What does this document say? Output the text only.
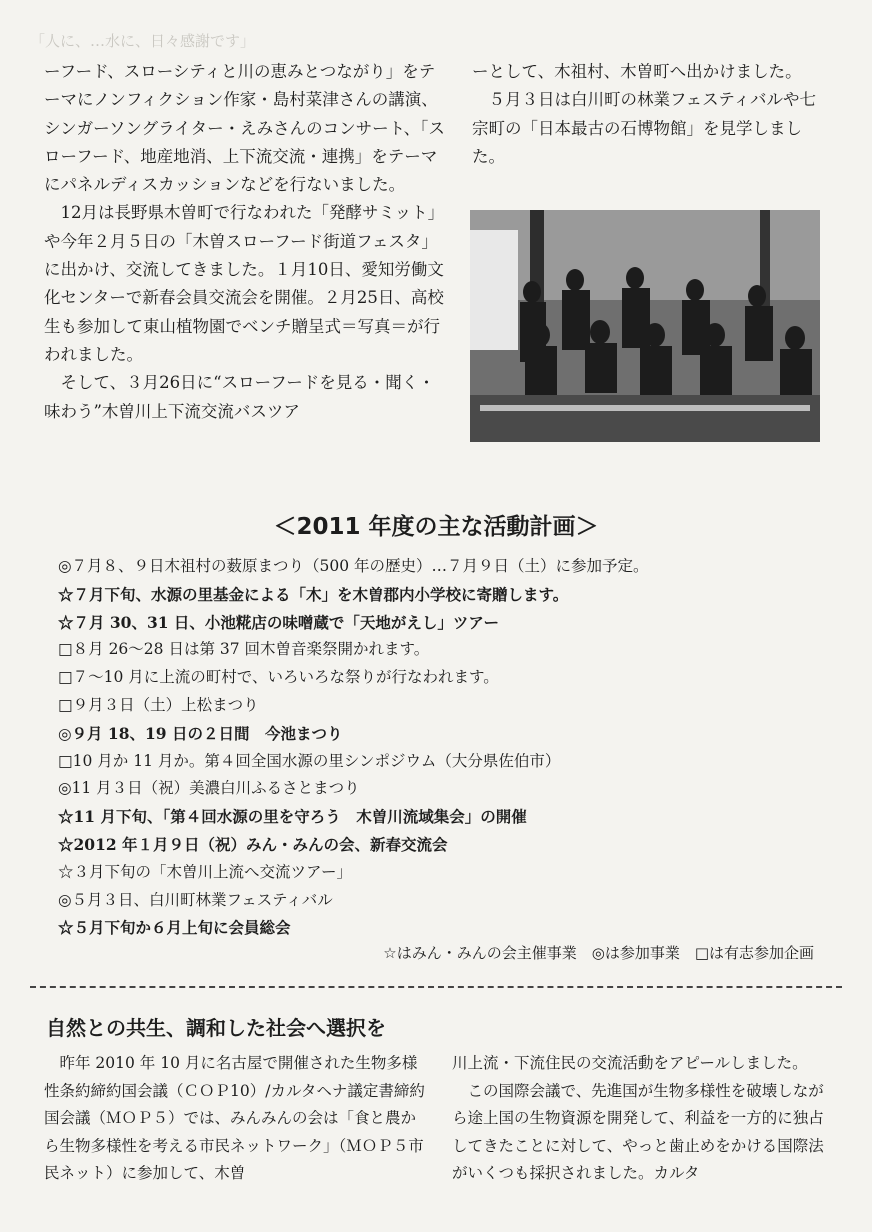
「人に、…水に、日々感謝です」

ーフード、スローシティと川の恵みとつながり」をテーマにノンフィクション作家・島村菜津さんの講演、シンガーソングライター・えみさんのコンサート、「スローフード、地産地消、上下流交流・連携」をテーマにパネルディスカッションなどを行ないました。

12月は長野県木曽町で行なわれた「発酵サミット」や今年２月５日の「木曽スローフード街道フェスタ」に出かけ、交流してきました。１月10日、愛知労働文化センターで新春会員交流会を開催。２月25日、高校生も参加して東山植物園でベンチ贈呈式＝写真＝が行われました。

そして、３月26日に“スローフードを見る・聞く・味わう”木曽川上下流交流バスツア

ーとして、木祖村、木曽町へ出かけました。

５月３日は白川町の林業フェスティバルや七宗町の「日本最古の石博物館」を見学しました。

＜2011 年度の主な活動計画＞
◎７月８、９日木祖村の薮原まつり（500 年の歴史）…７月９日（土）に参加予定。
☆７月下旬、水源の里基金による「木」を木曽郡内小学校に寄贈します。
☆７月 30、31 日、小池糀店の味噌蔵で「天地がえし」ツアー
□８月 26〜28 日は第 37 回木曽音楽祭開かれます。
□７〜10 月に上流の町村で、いろいろな祭りが行なわれます。
□９月３日（土）上松まつり
◎９月 18、19 日の２日間　今池まつり
□10 月か 11 月か。第４回全国水源の里シンポジウム（大分県佐伯市）
◎11 月３日（祝）美濃白川ふるさとまつり
☆11 月下旬、「第４回水源の里を守ろう　木曽川流域集会」の開催
☆2012 年１月９日（祝）みん・みんの会、新春交流会
☆３月下旬の「木曽川上流へ交流ツアー」
◎５月３日、白川町林業フェスティバル
☆５月下旬か６月上旬に会員総会
☆はみん・みんの会主催事業　◎は参加事業　□は有志参加企画
自然との共生、調和した社会へ選択を

昨年 2010 年 10 月に名古屋で開催された生物多様性条約締約国会議（ＣＯＰ10）/カルタヘナ議定書締約国会議（ＭＯＰ５）では、みんみんの会は「食と農から生物多様性を考える市民ネットワーク」（ＭＯＰ５市民ネット）に参加して、木曽

川上流・下流住民の交流活動をアピールしました。

この国際会議で、先進国が生物多様性を破壊しながら途上国の生物資源を開発して、利益を一方的に独占してきたことに対して、やっと歯止めをかける国際法がいくつも採択されました。カルタ
